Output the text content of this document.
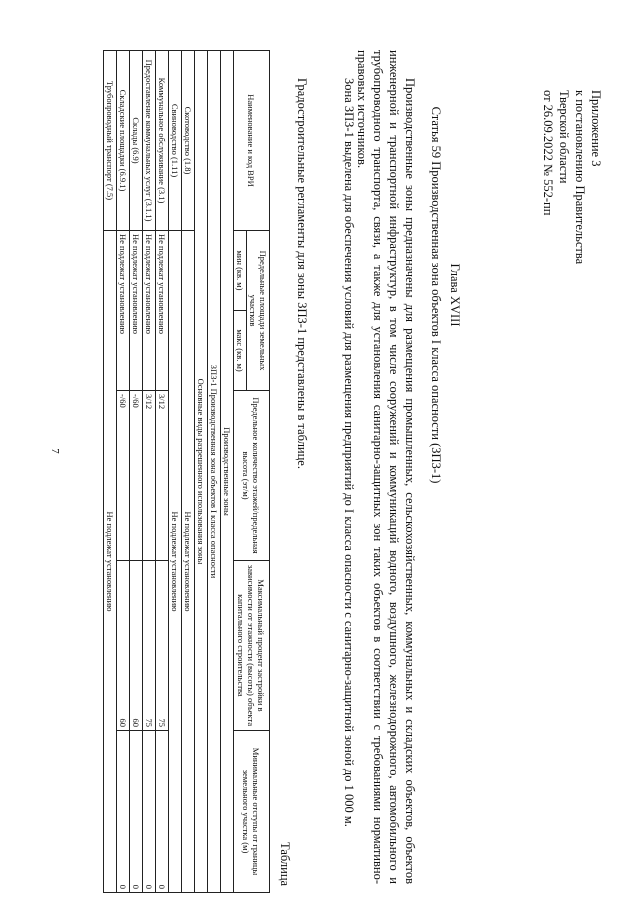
7
Приложение 3
к постановлению Правительства
Тверской области
от 26.09.2022 № 552-пп
Глава XVIII
Статья 59 Производственная зона объектов I класса опасности (ЗПЗ-1)
Производственные зоны предназначены для размещения промышленных, сельскохозяйственных, коммунальных и складских объектов, объектов инженерной и транспортной инфраструктур, в том числе сооружений и коммуникаций водного, воздушного, железнодорожного, автомобильного и трубопроводного транспорта, связи, а также для установления санитарно-защитных зон таких объектов в соответствии с требованиями нормативно-правовых источников.
Зона ЗПЗ-1 выделена для обеспечения условий для размещения предприятий до I класса опасности с санитарно-защитной зоной до 1 000 м.
Градостроительные регламенты для зоны ЗПЗ-1 представлены в таблице.
Таблица
Наименование и код ВРИ	Предельные площади земельных участков		Предельное количество этажей/предельная высота (эт/м)	Максимальный процент застройки в зависимости от этажности (высоты) объекта капитального строительства	Минимальные отступы от границы земельного участка (м)
	мин (кв. м)	макс (кв. м)			
Производственные зоны					
ЗПЗ-1 Производственная зона объектов I класса опасности					
Основные виды разрешенного использования зоны					
Скотоводство (1.8)	Не подлежат установлению				
Свиноводство (1.11)	Не подлежат установлению				
Коммунальное обслуживание (3.1)	Не подлежат установлению		3/12	75	0
Предоставление коммунальных услуг (3.1.1)	Не подлежат установлению		3/12	75	0
Склады (6.9)	Не подлежат установлению		-/60	60	0
Складские площадки (6.9.1)	Не подлежат установлению		-/60	60	0
Трубопроводный транспорт (7.5)	Не подлежат установлению				
